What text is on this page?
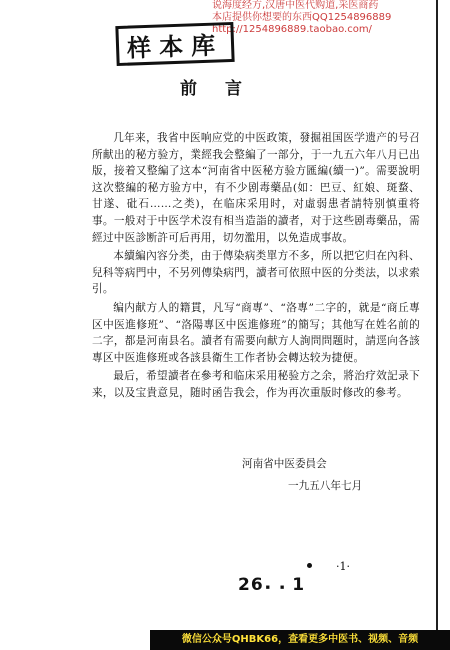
说海度经方,汉唐中医代购道,采医商药
本店提供你想要的东西QQ1254896889
http://1254896889.taobao.com/
样本库
前言

几年来，我省中医响应党的中医政策，發掘祖国医学遗产的号召所献出的秘方验方，業經我会整編了一部分，于一九五六年八月已出版，接着又整編了这本“河南省中医秘方验方匯編(續一)”。需要說明这次整編的秘方验方中，有不少剧毒藥品(如：巴豆、紅娘、斑蝥、甘遂、砒石……之类)，在临床采用时，对虛弱患者請特别慎重将事。一般对于中医学术沒有相当造詣的讀者，对于这些剧毒藥品，需經过中医診断許可后再用，切勿濫用，以免造成事故。

本續編內容分类，由于傳染病类單方不多，所以把它归在內科、兒科等病門中，不另列傳染病門，讀者可依照中医的分类法，以求索引。

编内献方人的籍貫，凡写“商專”、“洛專”二字的，就是“商丘專区中医進修班”、“洛陽專区中医進修班”的簡写；其他写在姓名前的二字，都是河南县名。讀者有需要向献方人詢問問题时，請逕向各該專区中医進修班或各該县衛生工作者协会轉达较为捷便。

最后，希望讀者在參考和临床采用秘验方之余，將治疗效記录下来，以及宝貴意見，随时函告我会，作为再次重版时修改的參考。

河南省中医委員会
一九五八年七月
·1·
26⠄⠄1
微信公众号QHBK66，查看更多中医书、视频、音频
